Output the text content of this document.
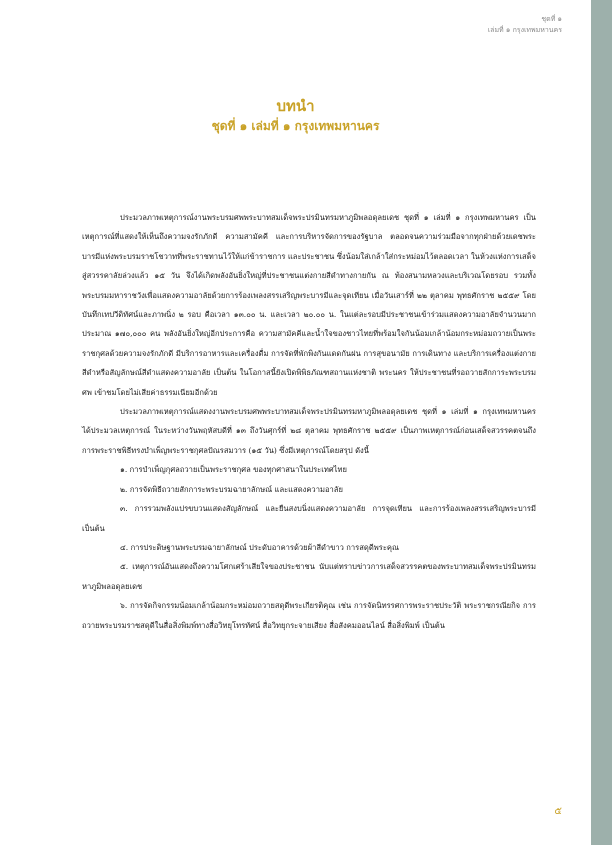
ชุดที่ ๑
เล่มที่ ๑ กรุงเทพมหานคร
บทนำ
ชุดที่ ๑ เล่มที่ ๑ กรุงเทพมหานคร

ประมวลภาพเหตุการณ์งานพระบรมศพพระบาทสมเด็จพระปรมินทรมหาภูมิพลอดุลยเดช ชุดที่ ๑ เล่มที่ ๑ กรุงเทพมหานคร เป็นเหตุการณ์ที่แสดงให้เห็นถึงความจงรักภักดี ความสามัคคี และการบริหารจัดการของรัฐบาล ตลอดจนความร่วมมือจากทุกฝ่ายด้วยเดชพระบารมีแห่งพระบรมราชโชวาทที่พระราชทานไว้ให้แก่ข้าราชการ และประชาชน ซึ่งน้อมใส่เกล้าใส่กระหม่อมไว้ตลอดเวลา ในห้วงแห่งการเสด็จสู่สวรรคาลัยล่วงแล้ว ๑๕ วัน จึงได้เกิดพลังอันยิ่งใหญ่ที่ประชาชนแต่งกายสีดำทางกายกัน ณ ท้องสนามหลวงและบริเวณโดยรอบ รวมทั้งพระบรมมหาราชวังเพื่อแสดงความอาลัยด้วยการร้องเพลงสรรเสริญพระบารมีและจุดเทียน เมื่อวันเสาร์ที่ ๒๒ ตุลาคม พุทธศักราช ๒๕๕๙ โดยบันทึกเทปวีดิทัศน์และภาพนิ่ง ๒ รอบ คือเวลา ๑๓.๐๐ น. และเวลา ๒๐.๐๐ น. ในแต่ละรอบมีประชาชนเข้าร่วมแสดงความอาลัยจำนวนมากประมาณ ๑๗๐,๐๐๐ คน พลังอันยิ่งใหญ่อีกประการคือ ความสามัคคีและน้ำใจของชาวไทยที่พร้อมใจกันน้อมเกล้าน้อมกระหม่อมถวายเป็นพระราชกุศลด้วยความจงรักภักดี มีบริการอาหารและเครื่องดื่ม การจัดที่พักพิงกันแดดกันฝน การสุขอนามัย การเดินทาง และบริการเครื่องแต่งกายสีดำหรือสัญลักษณ์สีดำแสดงความอาลัย เป็นต้น ในโอกาสนี้ยังเปิดพิพิธภัณฑสถานแห่งชาติ พระนคร ให้ประชาชนที่รอถวายสักการะพระบรมศพ เข้าชมโดยไม่เสียค่าธรรมเนียมอีกด้วย

ประมวลภาพเหตุการณ์แสดงงานพระบรมศพพระบาทสมเด็จพระปรมินทรมหาภูมิพลอดุลยเดช ชุดที่ ๑ เล่มที่ ๑ กรุงเทพมหานคร ได้ประมวลเหตุการณ์ ในระหว่างวันพฤหัสบดีที่ ๑๓ ถึงวันศุกร์ที่ ๒๘ ตุลาคม พุทธศักราช ๒๕๕๙ เป็นภาพเหตุการณ์ก่อนเสด็จสวรรคตจนถึงการพระราชพิธีทรงบำเพ็ญพระราชกุศลปัณรสมวาร (๑๕ วัน) ซึ่งมีเหตุการณ์โดยสรุป ดังนี้

๑. การบำเพ็ญกุศลถวายเป็นพระราชกุศล ของทุกศาสนาในประเทศไทย

๒. การจัดพิธีถวายสักการะพระบรมฉายาลักษณ์ และแสดงความอาลัย

๓. การรวมพลังแปรขบวนแสดงสัญลักษณ์ และยืนสงบนิ่งแสดงความอาลัย การจุดเทียน และการร้องเพลงสรรเสริญพระบารมี เป็นต้น

๔. การประดิษฐานพระบรมฉายาลักษณ์ ประดับอาคารด้วยผ้าสีดำขาว การสดุดีพระคุณ

๕. เหตุการณ์อันแสดงถึงความโศกเศร้าเสียใจของประชาชน นับแต่ทราบข่าวการเสด็จสวรรคตของพระบาทสมเด็จพระปรมินทรมหาภูมิพลอดุลยเดช

๖. การจัดกิจกรรมน้อมเกล้าน้อมกระหม่อมถวายสดุดีพระเกียรติคุณ เช่น การจัดนิทรรศการพระราชประวัติ พระราชกรณียกิจ การถวายพระบรมราชสดุดีในสื่อสิ่งพิมพ์ทางสื่อวิทยุโทรทัศน์ สื่อวิทยุกระจายเสียง สื่อสังคมออนไลน์ สื่อสิ่งพิมพ์ เป็นต้น

๕
